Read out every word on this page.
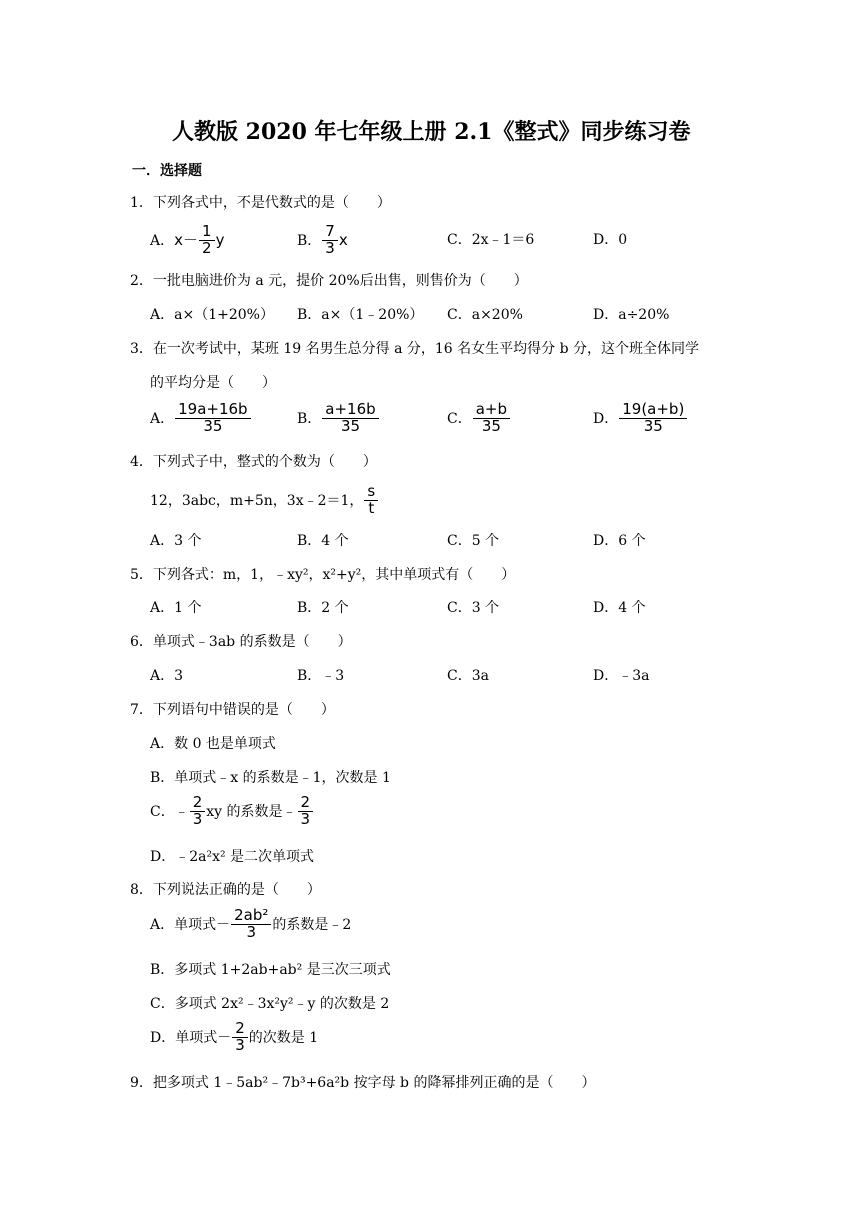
人教版 2020 年七年级上册 2.1《整式》同步练习卷
一．选择题
1．下列各式中，不是代数式的是（　　）
A．$x- \frac{1}{2}$ y	B． $\frac{7}{3}$ x	C．2x﹣1＝6	D．0
2．一批电脑进价为 a 元，提价 20%后出售，则售价为（　　）
A．a×（1+20%） B．a×（1﹣20%） C．a×20%	D．a÷20%
3．在一次考试中，某班 19 名男生总分得 a 分，16 名女生平均得分 b 分，这个班全体同学
的平均分是（　　）
A． $\frac{19a+16b}{35}$	B． $\frac{a+16b}{35}$	C． $\frac{a+b}{35}$	D． $\frac{19(a+b)}{35}$
4．下列式子中，整式的个数为（　　）
12，3abc，m+5n，3x﹣2＝1， $\frac{s}{t}$
A．3 个	B．4 个	C．5 个	D．6 个
5．下列各式：m，1，﹣xy²，x²+y²，其中单项式有（　　）
A．1 个	B．2 个	C．3 个	D．4 个
6．单项式﹣3ab 的系数是（　　）
A．3	B．﹣3	C．3a	D．﹣3a
7．下列语句中错误的是（　　）
A．数 0 也是单项式
B．单项式﹣x 的系数是﹣1，次数是 1
C．﹣ $\frac{2}{3}$ xy 的系数是﹣ $\frac{2}{3}$
D．﹣2a²x² 是二次单项式
8．下列说法正确的是（　　）
A．单项式－ $\frac{\text{2ab²}}{3}$ 的系数是﹣2
B．多项式 1+2ab+ab² 是三次三项式
C．多项式 2x²﹣3x²y²﹣y 的次数是 2
D．单项式－ $\frac{2}{3}$ 的次数是 1
9．把多项式 1﹣5ab²﹣7b³+6a²b 按字母 b 的降幂排列正确的是（　　）
